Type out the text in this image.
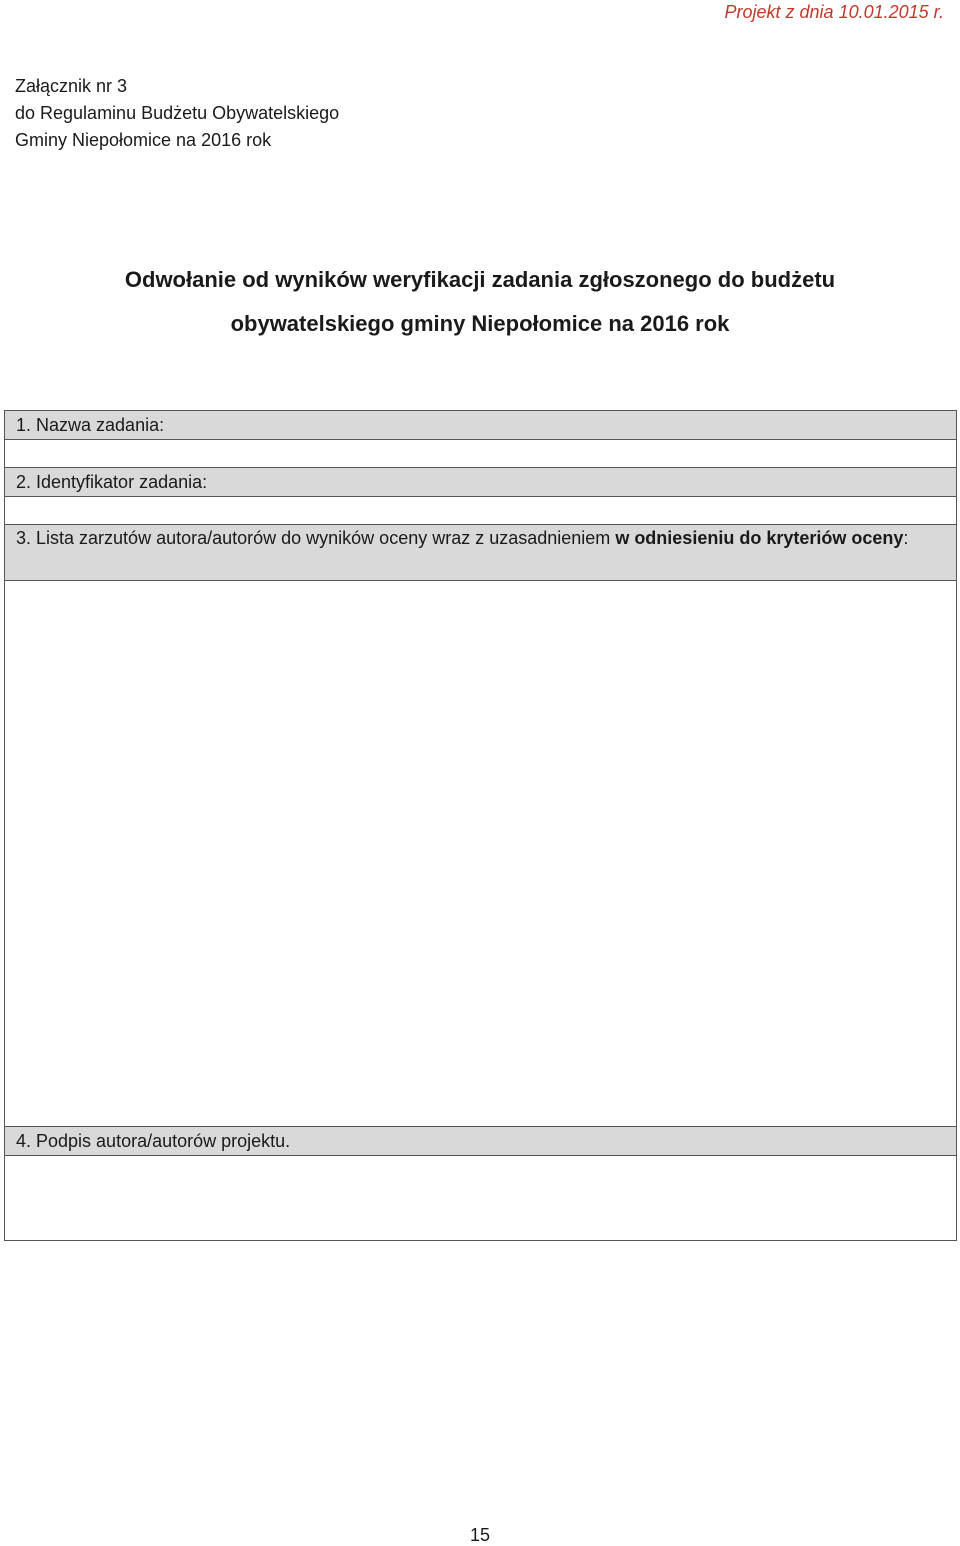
Projekt z dnia 10.01.2015 r.
Załącznik nr 3
do Regulaminu Budżetu Obywatelskiego
Gminy Niepołomice na 2016 rok
Odwołanie od wyników weryfikacji zadania zgłoszonego do budżetu
obywatelskiego gminy Niepołomice na 2016 rok
1. Nazwa zadania:

2. Identyfikator zadania:

3. Lista zarzutów autora/autorów do wyników oceny wraz z uzasadnieniem w odniesieniu do kryteriów oceny:

4. Podpis autora/autorów projektu.

15
